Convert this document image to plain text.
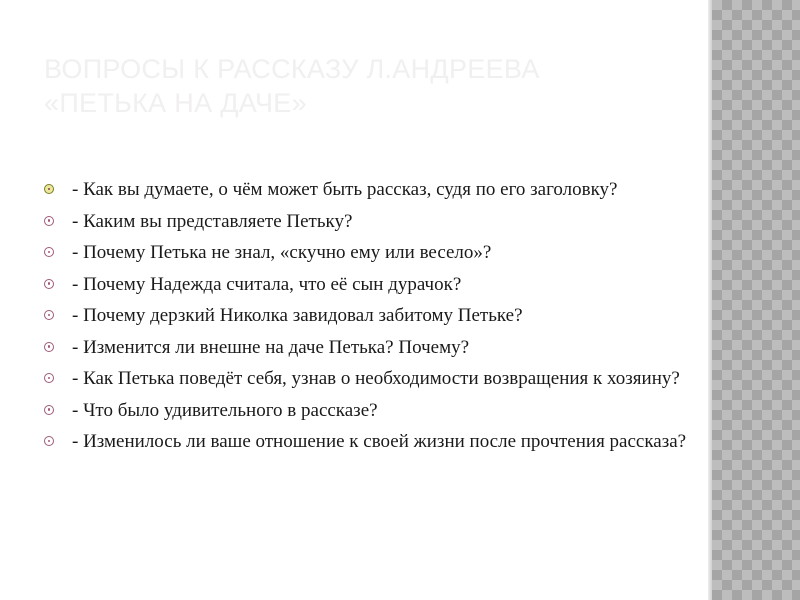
ВОПРОСЫ К РАССКАЗУ Л.АНДРЕЕВА
«ПЕТЬКА НА ДАЧЕ»
- Как вы думаете, о чём может быть рассказ, судя по его заголовку?
- Каким вы представляете Петьку?
- Почему Петька не знал, «скучно ему или весело»?
- Почему Надежда считала, что её сын дурачок?
- Почему дерзкий Николка завидовал забитому Петьке?
- Изменится ли внешне на даче Петька? Почему?
- Как Петька поведёт себя, узнав о необходимости возвращения к хозяину?
- Что было удивительного в рассказе?
- Изменилось ли ваше отношение к своей жизни после прочтения рассказа?
